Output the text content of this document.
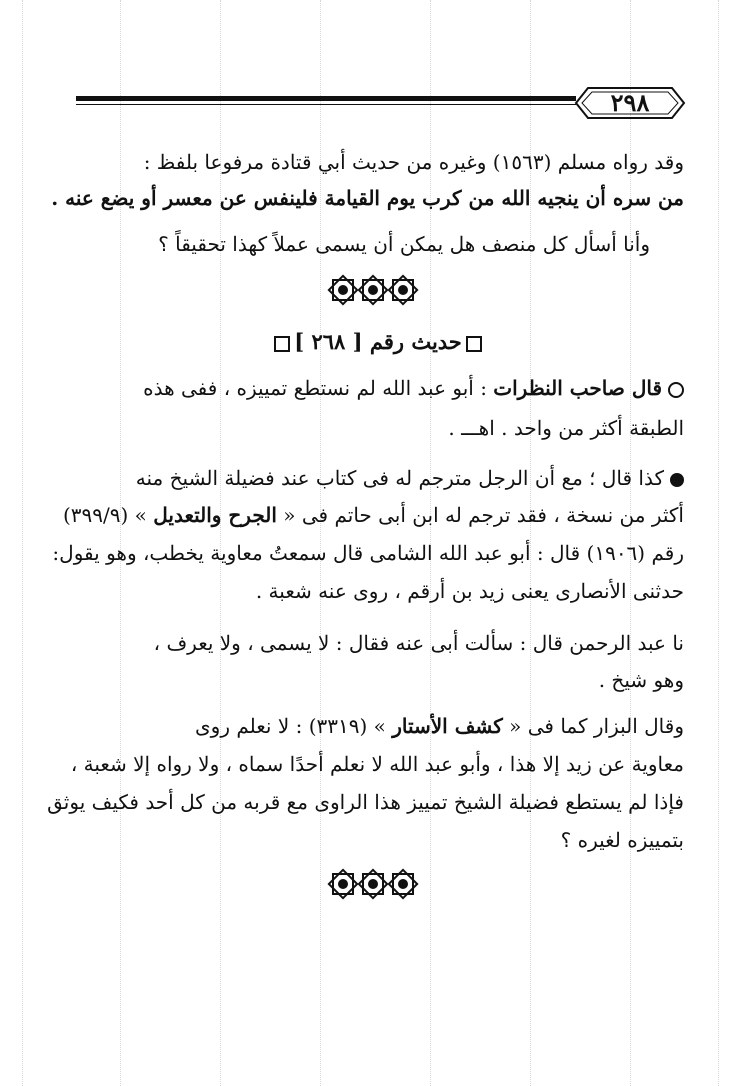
٢٩٨
وقد رواه مسلم (١٥٦٣) وغيره من حديث أبي قتادة مرفوعا بلفظ :
من سره أن ينجيه الله من كرب يوم القيامة فلينفس عن معسر أو يضع عنه .
وأنا أسأل كل منصف هل يمكن أن يسمى عملاً كهذا تحقيقاً ؟
حديث رقم [ ٢٦٨ ]
قال صاحب النظرات : أبو عبد الله لم نستطع تمييزه ، ففى هذه
الطبقة أكثر من واحد . اهـــ .
كذا قال ؛ مع أن الرجل مترجم له فى كتاب عند فضيلة الشيخ منه
أكثر من نسخة ، فقد ترجم له ابن أبى حاتم فى « الجرح والتعديل » (٣٩٩/٩)
رقم (١٩٠٦) قال : أبو عبد الله الشامى قال سمعتُ معاوية يخطب، وهو يقول:
حدثنى الأنصارى يعنى زيد بن أرقم ، روى عنه شعبة .
نا عبد الرحمن قال : سألت أبى عنه فقال : لا يسمى ، ولا يعرف ،
وهو شيخ .
وقال البزار كما فى « كشف الأستار » (٣٣١٩) : لا نعلم روى
معاوية عن زيد إلا هذا ، وأبو عبد الله لا نعلم أحدًا سماه ، ولا رواه إلا شعبة ،
فإذا لم يستطع فضيلة الشيخ تمييز هذا الراوى مع قربه من كل أحد فكيف يوثق
بتمييزه لغيره ؟
